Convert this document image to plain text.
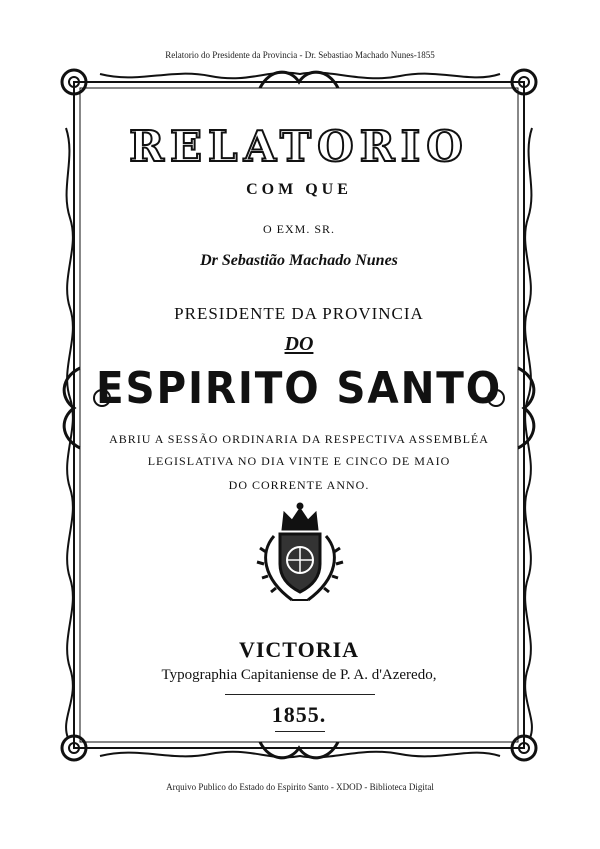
Relatorio do Presidente da Provincia - Dr. Sebastiao Machado Nunes-1855
RELATORIO
COM QUE
O EXM. SR.
Dr Sebastião Machado Nunes
PRESIDENTE DA PROVINCIA
DO
ESPIRITO SANTO
ABRIU A SESSÃO ORDINARIA DA RESPECTIVA ASSEMBLÉA
LEGISLATIVA NO DIA VINTE E CINCO DE MAIO
DO CORRENTE ANNO.
VICTORIA
Typographia Capitaniense de P. A. d'Azeredo,
1855.
Arquivo Publico do Estado do Espirito Santo - XDOD - Biblioteca Digital
